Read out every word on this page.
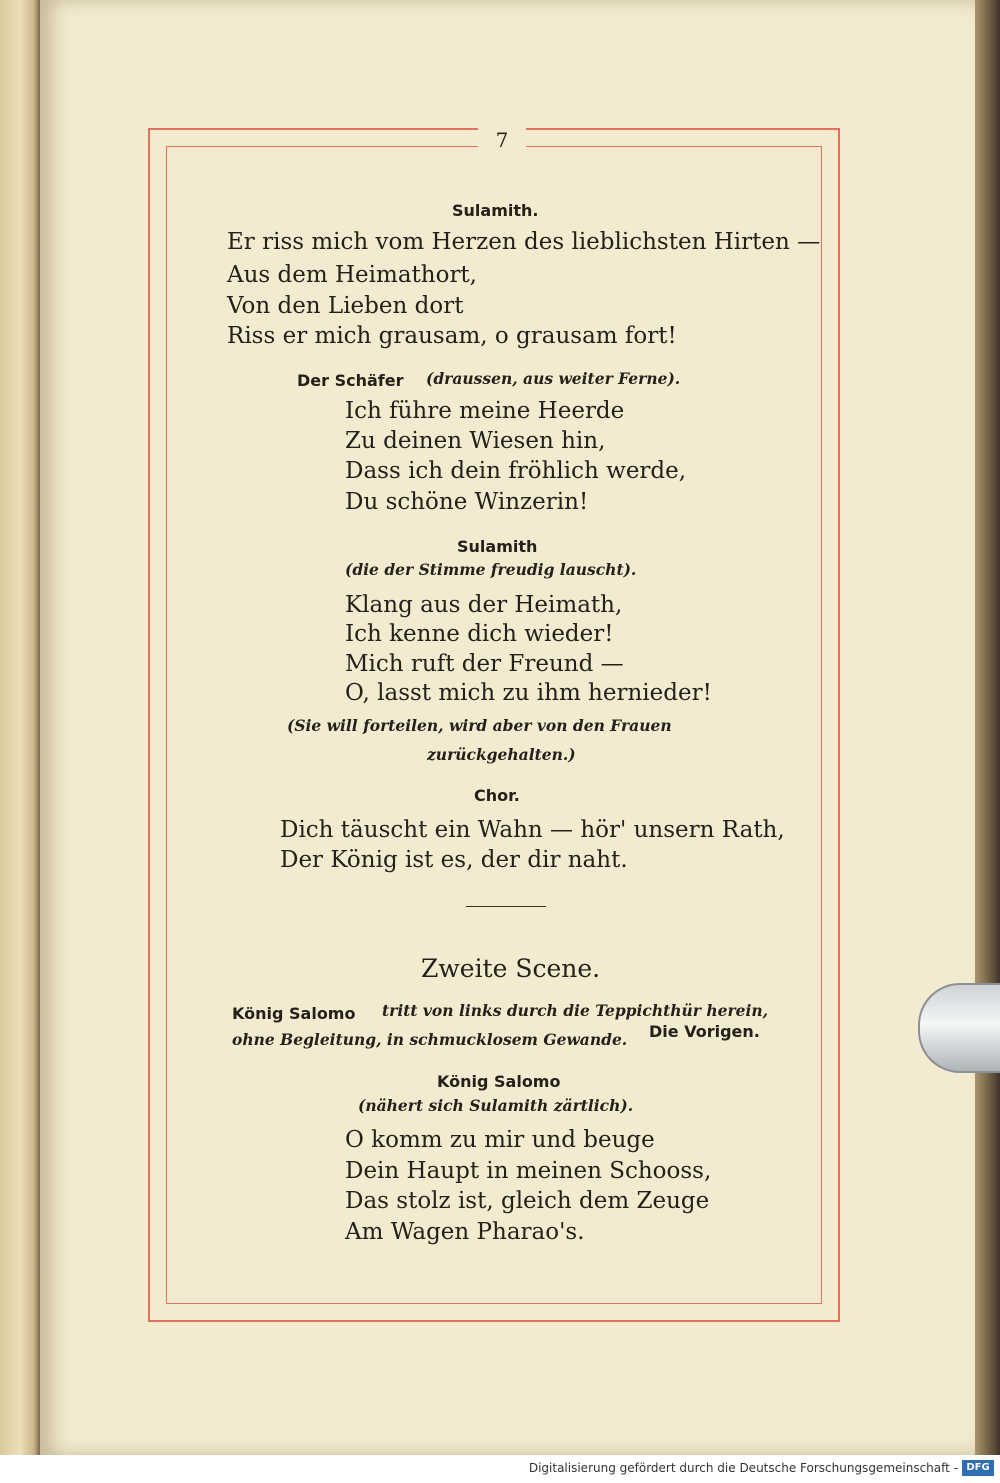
7
Sulamith.
Er riss mich vom Herzen des lieblichsten Hirten —
Aus dem Heimathort,
Von den Lieben dort
Riss er mich grausam, o grausam fort!
Der Schäfer (draussen, aus weiter Ferne).
Ich führe meine Heerde
Zu deinen Wiesen hin,
Dass ich dein fröhlich werde,
Du schöne Winzerin!
Sulamith
(die der Stimme freudig lauscht).
Klang aus der Heimath,
Ich kenne dich wieder!
Mich ruft der Freund —
O, lasst mich zu ihm hernieder!
(Sie will forteilen, wird aber von den Frauen
zurückgehalten.)
Chor.
Dich täuscht ein Wahn — hör' unsern Rath,
Der König ist es, der dir naht.
Zweite Scene.
König Salomo tritt von links durch die Teppichthür herein,
ohne Begleitung, in schmucklosem Gewande. Die Vorigen.
König Salomo
(nähert sich Sulamith zärtlich).
O komm zu mir und beuge
Dein Haupt in meinen Schooss,
Das stolz ist, gleich dem Zeuge
Am Wagen Pharao's.
Digitalisierung gefördert durch die Deutsche Forschungsgemeinschaft - DFG
